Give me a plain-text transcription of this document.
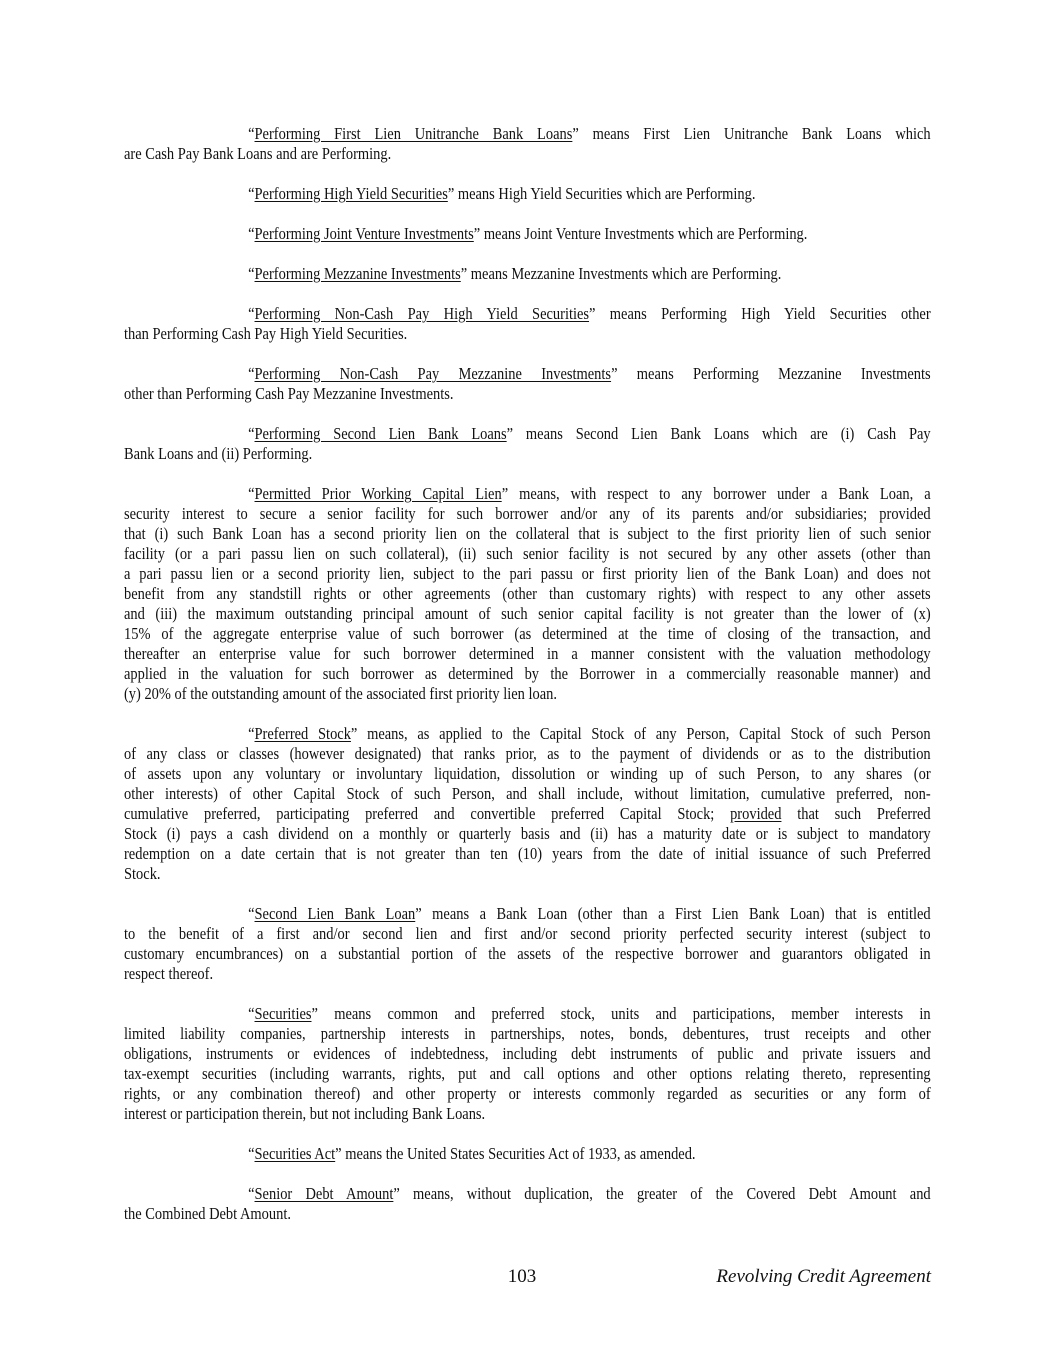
“Performing First Lien Unitranche Bank Loans” means First Lien Unitranche Bank Loans which
are Cash Pay Bank Loans and are Performing.
“Performing High Yield Securities” means High Yield Securities which are Performing.
“Performing Joint Venture Investments” means Joint Venture Investments which are Performing.
“Performing Mezzanine Investments” means Mezzanine Investments which are Performing.
“Performing Non-Cash Pay High Yield Securities” means Performing High Yield Securities other
than Performing Cash Pay High Yield Securities.
“Performing Non-Cash Pay Mezzanine Investments” means Performing Mezzanine Investments
other than Performing Cash Pay Mezzanine Investments.
“Performing Second Lien Bank Loans” means Second Lien Bank Loans which are (i) Cash Pay
Bank Loans and (ii) Performing.
“Permitted Prior Working Capital Lien” means, with respect to any borrower under a Bank Loan, a
security interest to secure a senior facility for such borrower and/or any of its parents and/or subsidiaries; provided
that (i) such Bank Loan has a second priority lien on the collateral that is subject to the first priority lien of such senior
facility (or a pari passu lien on such collateral), (ii) such senior facility is not secured by any other assets (other than
a pari passu lien or a second priority lien, subject to the pari passu or first priority lien of the Bank Loan) and does not
benefit from any standstill rights or other agreements (other than customary rights) with respect to any other assets
and (iii) the maximum outstanding principal amount of such senior capital facility is not greater than the lower of (x)
15% of the aggregate enterprise value of such borrower (as determined at the time of closing of the transaction, and
thereafter an enterprise value for such borrower determined in a manner consistent with the valuation methodology
applied in the valuation for such borrower as determined by the Borrower in a commercially reasonable manner) and
(y) 20% of the outstanding amount of the associated first priority lien loan.
“Preferred Stock” means, as applied to the Capital Stock of any Person, Capital Stock of such Person
of any class or classes (however designated) that ranks prior, as to the payment of dividends or as to the distribution
of assets upon any voluntary or involuntary liquidation, dissolution or winding up of such Person, to any shares (or
other interests) of other Capital Stock of such Person, and shall include, without limitation, cumulative preferred, non-
cumulative preferred, participating preferred and convertible preferred Capital Stock; provided that such Preferred
Stock (i) pays a cash dividend on a monthly or quarterly basis and (ii) has a maturity date or is subject to mandatory
redemption on a date certain that is not greater than ten (10) years from the date of initial issuance of such Preferred
Stock.
“Second Lien Bank Loan” means a Bank Loan (other than a First Lien Bank Loan) that is entitled
to the benefit of a first and/or second lien and first and/or second priority perfected security interest (subject to
customary encumbrances) on a substantial portion of the assets of the respective borrower and guarantors obligated in
respect thereof.
“Securities” means common and preferred stock, units and participations, member interests in
limited liability companies, partnership interests in partnerships, notes, bonds, debentures, trust receipts and other
obligations, instruments or evidences of indebtedness, including debt instruments of public and private issuers and
tax-exempt securities (including warrants, rights, put and call options and other options relating thereto, representing
rights, or any combination thereof) and other property or interests commonly regarded as securities or any form of
interest or participation therein, but not including Bank Loans.
“Securities Act” means the United States Securities Act of 1933, as amended.
“Senior Debt Amount” means, without duplication, the greater of the Covered Debt Amount and
the Combined Debt Amount.
103	Revolving Credit Agreement
